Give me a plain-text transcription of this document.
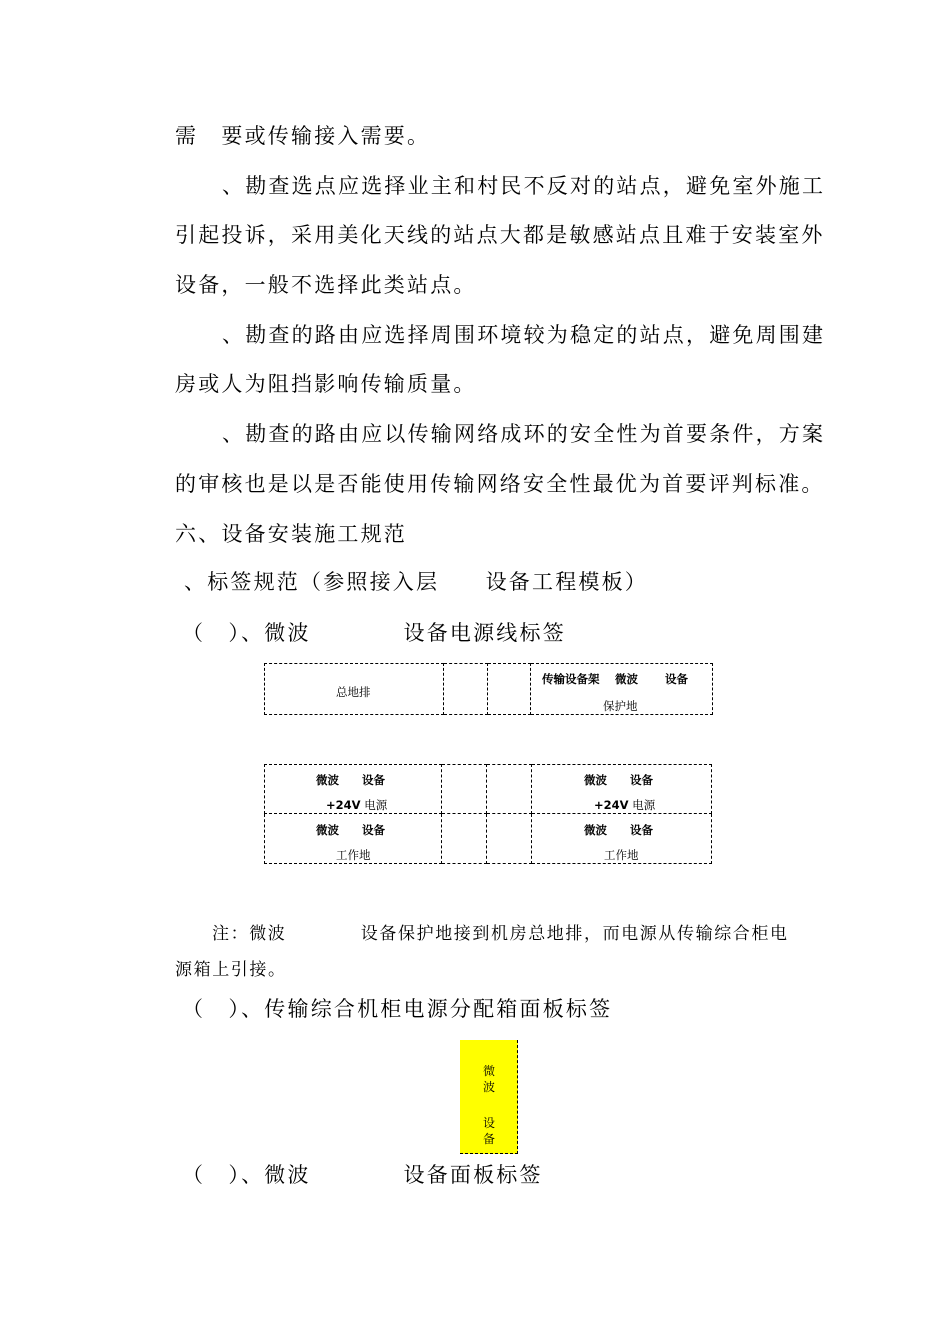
需　要或传输接入需要。
、勘查选点应选择业主和村民不反对的站点，避免室外施工
引起投诉，采用美化天线的站点大都是敏感站点且难于安装室外
设备，一般不选择此类站点。
、勘查的路由应选择周围环境较为稳定的站点，避免周围建
房或人为阻挡影响传输质量。
、勘查的路由应以传输网络成环的安全性为首要条件，方案
的审核也是以是否能使用传输网络安全性最优为首要评判标准。
六、设备安装施工规范
、标签规范（参照接入层　　设备工程模板）
（　）、微波　　　　设备电源线标签
总地排
传输设备架　 微波　　 设备
保护地
微波　　设备
+24V 电源
微波　　设备
+24V 电源
微波　　设备
工作地
微波　　设备
工作地
注：微波　　　　设备保护地接到机房总地排，而电源从传输综合柜电
源箱上引接。
（　）、传输综合机柜电源分配箱面板标签
微
波
设
备
（　）、微波　　　　设备面板标签
